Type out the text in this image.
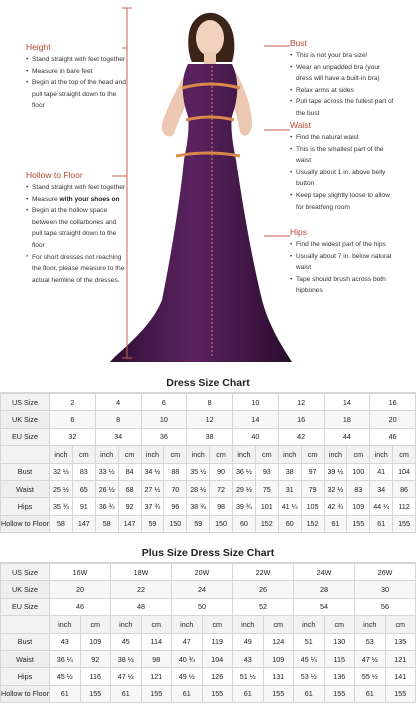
Height
• Stand straight with feet together
• Measure in bare feet
• Begin at the top of the head and pull tape straight down to the floor
Hollow to Floor
• Stand straight with feet together
• Measure with your shoes on
• Begin at the hollow space between the collarbones and pull tape straight down to the floor
* For short dresses not reaching the floor, please measure to the actual hemline of the dresses.
Bust
• This is not your bra size!
• Wear an unpadded bra (your dress will have a built-in bra)
• Relax arms at sides
• Pull tape across the fullest part of the bust
Waist
• Find the natural waist
• This is the smallest part of the waist
• Usually about 1 in. above belly button
• Keep tape slightly loose to allow for breathing room
Hips
• Find the widest part of the hips
• Usually about 7 in. below natural waist
• Tape should brush across both hipbones
Dress Size Chart
US Size	2		4		6		8		10		12		14		16	
UK Size	6		8		10		12		14		16		18		20	
EU Size	32		34		36		38		40		42		44		46	
	inch	cm	inch	cm	inch	cm	inch	cm	inch	cm	inch	cm	inch	cm	inch	cm
Bust	32 ½	83	33 ½	84	34 ½	88	35 ½	90	36 ½	93	38	97	39 ½	100	41	104
Waist	25 ½	65	26 ½	68	27 ½	70	28 ½	72	29 ½	75	31	79	32 ½	83	34	86
Hips	35 ¾	91	36 ¾	92	37 ¾	96	38 ¾	98	39 ¾	101	41 ¼	105	42 ¾	109	44 ¼	112
Hollow to Floor	58	147	58	147	59	150	59	150	60	152	60	152	61	155	61	155
Plus Size Dress Size Chart
US Size	16W		18W		20W		22W		24W		26W	
UK Size	20		22		24		26		28		30	
EU Size	46		48		50		52		54		56	
	inch	cm	inch	cm	inch	cm	inch	cm	inch	cm	inch	cm
Bust	43	109	45	114	47	119	49	124	51	130	53	135
Waist	36 ¼	92	38 ½	98	40 ¾	104	43	109	45 ¼	115	47 ½	121
Hips	45 ½	116	47 ½	121	49 ½	126	51 ½	131	53 ½	136	55 ½	141
Hollow to Floor	61	155	61	155	61	155	61	155	61	155	61	155
